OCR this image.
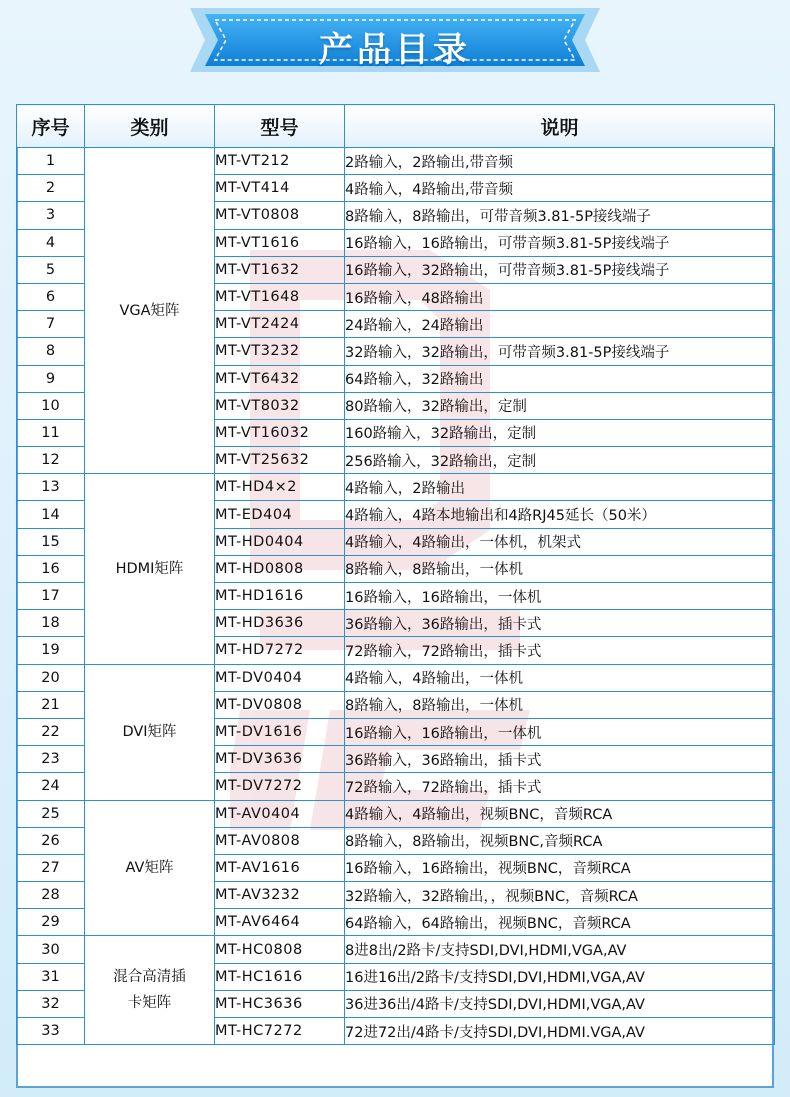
产品目录
序号	类别	型号	说明
1	VGA矩阵	MT-VT212	2路输入，2路输出,带音频
2		MT-VT414	4路输入，4路输出,带音频
3		MT-VT0808	8路输入，8路输出，可带音频3.81-5P接线端子
4		MT-VT1616	16路输入，16路输出，可带音频3.81-5P接线端子
5		MT-VT1632	16路输入，32路输出，可带音频3.81-5P接线端子
6		MT-VT1648	16路输入，48路输出
7		MT-VT2424	24路输入，24路输出
8		MT-VT3232	32路输入，32路输出，可带音频3.81-5P接线端子
9		MT-VT6432	64路输入，32路输出
10		MT-VT8032	80路输入，32路输出，定制
11		MT-VT16032	160路输入，32路输出，定制
12		MT-VT25632	256路输入，32路输出，定制
13	HDMI矩阵	MT-HD4×2	4路输入，2路输出
14		MT-ED404	4路输入，4路本地输出和4路RJ45延长（50米）
15		MT-HD0404	4路输入，4路输出，一体机，机架式
16		MT-HD0808	8路输入，8路输出，一体机
17		MT-HD1616	16路输入，16路输出，一体机
18		MT-HD3636	36路输入，36路输出，插卡式
19		MT-HD7272	72路输入，72路输出，插卡式
20	DVI矩阵	MT-DV0404	4路输入，4路输出，一体机
21		MT-DV0808	8路输入，8路输出，一体机
22		MT-DV1616	16路输入，16路输出，一体机
23		MT-DV3636	36路输入，36路输出，插卡式
24		MT-DV7272	72路输入，72路输出，插卡式
25	AV矩阵	MT-AV0404	4路输入，4路输出，视频BNC，音频RCA
26		MT-AV0808	8路输入，8路输出，视频BNC,音频RCA
27		MT-AV1616	16路输入，16路输出，视频BNC，音频RCA
28		MT-AV3232	32路输入，32路输出，，视频BNC，音频RCA
29		MT-AV6464	64路输入，64路输出，视频BNC，音频RCA
30	混合高清插卡矩阵	MT-HC0808	8进8出/2路卡/支持SDI,DVI,HDMI,VGA,AV
31		MT-HC1616	16进16出/2路卡/支持SDI,DVI,HDMI,VGA,AV
32		MT-HC3636	36进36出/4路卡/支持SDI,DVI,HDMI,VGA,AV
33		MT-HC7272	72进72出/4路卡/支持SDI,DVI,HDMI.VGA,AV
